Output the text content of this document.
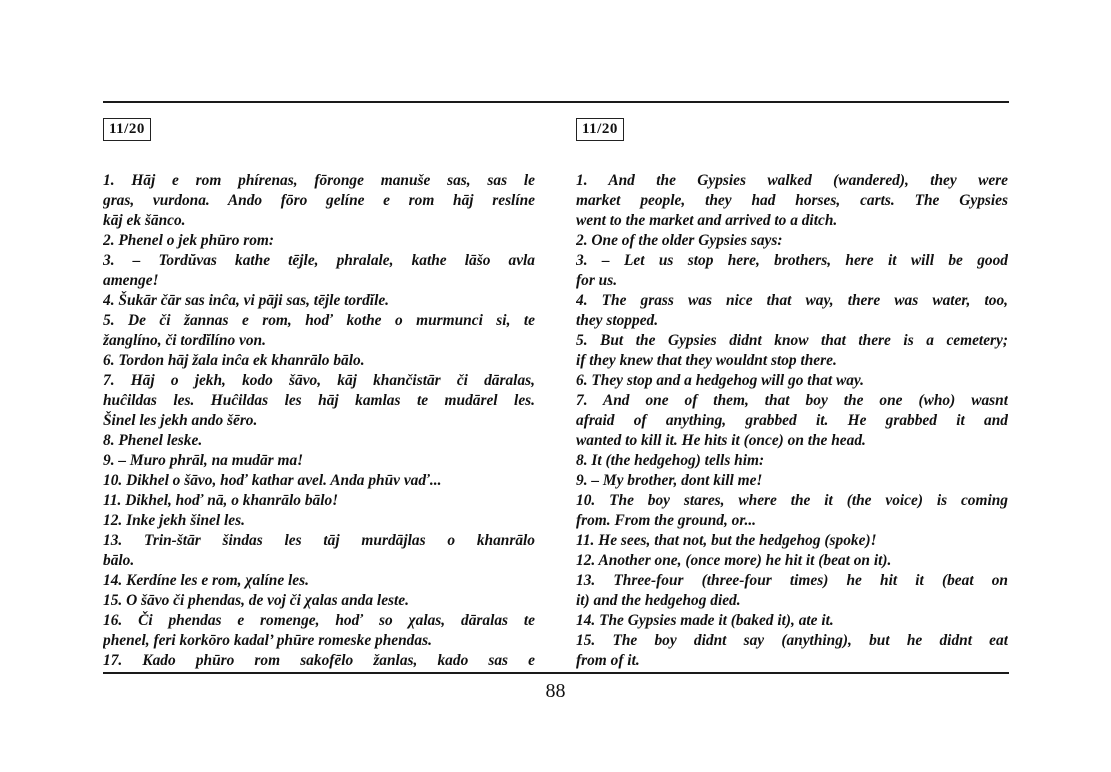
11/20
1. Hāj e rom phírenas, fōronge manuše sas, sas le
gras, vurdona. Ando fōro gelíne e rom hāj reslíne
kāj ek šānco.
2. Phenel o jek phūro rom:
3. – Tordŭvas kathe tējle, phralale, kathe lāšo avla
amenge!
4. Šukār čār sas inĉa, vi pāji sas, tējle tordĭle.
5. De či žannas e rom, hoď kothe o murmunci si, te
žanglíno, či tordĭlíno von.
6. Tordon hāj žala inĉa ek khanrālo bālo.
7. Hāj o jekh, kodo šāvo, kāj khančistār či dāralas,
huĉildas les. Huĉildas les hāj kamlas te mudārel les.
Šinel les jekh ando šēro.
8. Phenel leske.
9. – Muro phrāl, na mudār ma!
10. Dikhel o šāvo, hoď kathar avel. Anda phūv vaď...
11. Dikhel, hoď nā, o khanrālo bālo!
12. Inke jekh šinel les.
13. Trin-štār šindas les tāj murdājlas o khanrālo
bālo.
14. Kerdíne les e rom, χalíne les.
15. O šāvo či phendas, de voj či χalas anda leste.
16. Či phendas e romenge, hoď so χalas, dāralas te
phenel, feri korkōro kadal’ phūre romeske phendas.
17. Kado phūro rom sakofēlo žanlas, kado sas e
11/20
1. And the Gypsies walked (wandered), they were
market people, they had horses, carts. The Gypsies
went to the market and arrived to a ditch.
2. One of the older Gypsies says:
3. – Let us stop here, brothers, here it will be good
for us.
4. The grass was nice that way, there was water, too,
they stopped.
5. But the Gypsies didnt know that there is a cemetery;
if they knew that they wouldnt stop there.
6. They stop and a hedgehog will go that way.
7. And one of them, that boy the one (who) wasnt
afraid of anything, grabbed it. He grabbed it and
wanted to kill it. He hits it (once) on the head.
8. It (the hedgehog) tells him:
9. – My brother, dont kill me!
10. The boy stares, where the it (the voice) is coming
from. From the ground, or...
11. He sees, that not, but the hedgehog (spoke)!
12. Another one, (once more) he hit it (beat on it).
13. Three-four (three-four times) he hit it (beat on
it) and the hedgehog died.
14. The Gypsies made it (baked it), ate it.
15. The boy didnt say (anything), but he didnt eat
from of it.
88
